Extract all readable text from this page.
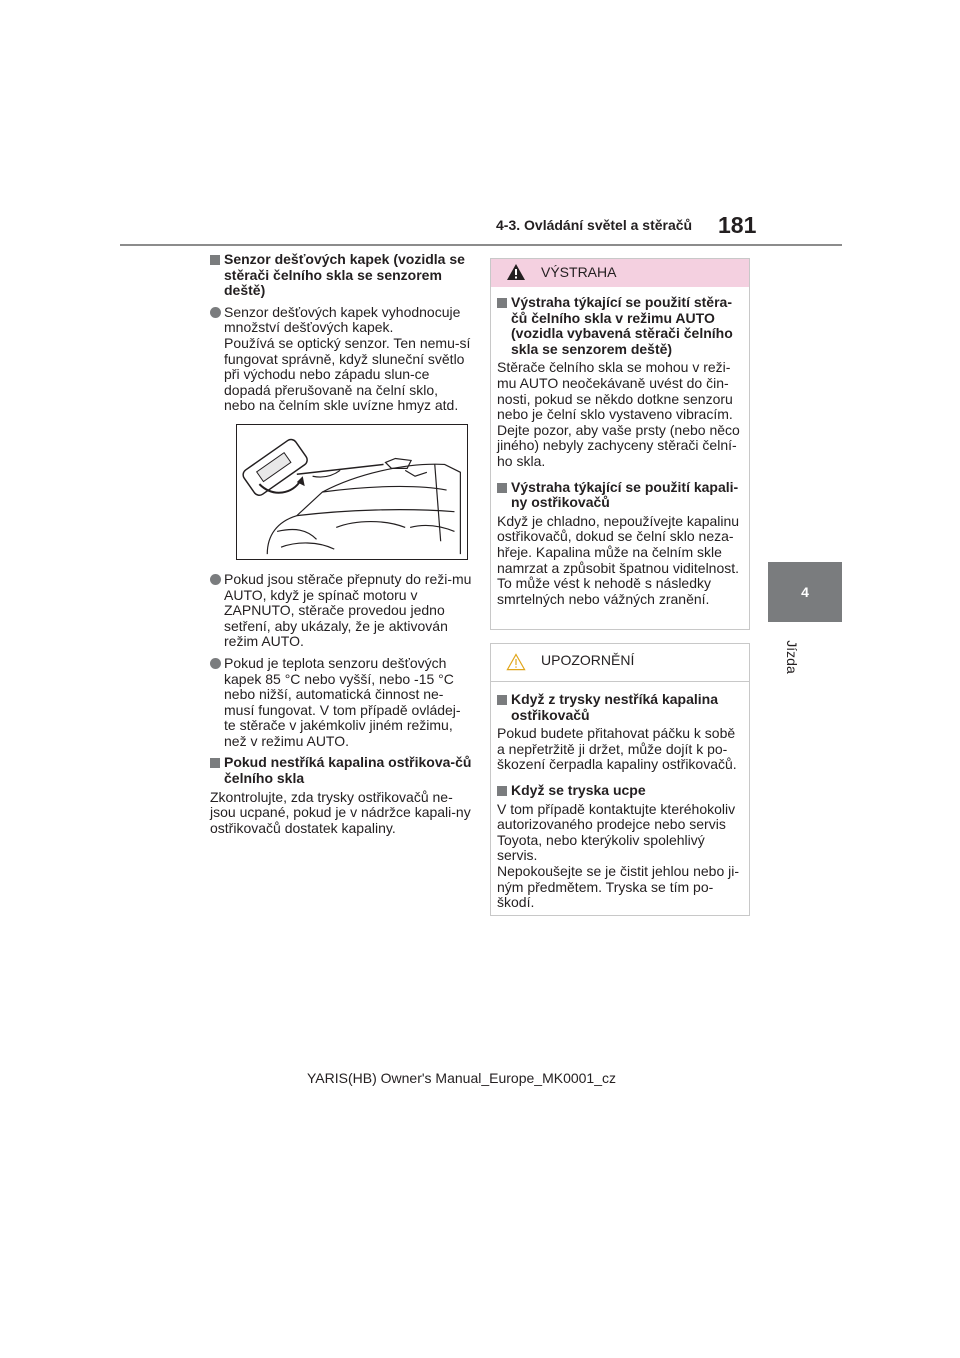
4-3. Ovládání světel a stěračů 181
4
Jízda
Senzor dešťových kapek (vozidla se stěrači čelního skla se senzorem deště)
Senzor dešťových kapek vyhodnocuje množství dešťových kapek.
Používá se optický senzor. Ten nemu-sí fungovat správně, když sluneční světlo při východu nebo západu slun-ce dopadá přerušovaně na čelní sklo, nebo na čelním skle uvízne hmyz atd.
Pokud jsou stěrače přepnuty do reži-mu AUTO, když je spínač motoru v ZAPNUTO, stěrače provedou jedno setření, aby ukázaly, že je aktivován režim AUTO.
Pokud je teplota senzoru dešťových kapek 85 °C nebo vyšší, nebo -15 °C nebo nižší, automatická činnost ne-musí fungovat. V tom případě ovládej-te stěrače v jakémkoliv jiném režimu, než v režimu AUTO.
Pokud nestříká kapalina ostřikova-čů čelního skla
Zkontrolujte, zda trysky ostřikovačů ne-jsou ucpané, pokud je v nádržce kapali-ny ostřikovačů dostatek kapaliny.
VÝSTRAHA
Výstraha týkající se použití stěra-čů čelního skla v režimu AUTO (vozidla vybavená stěrači čelního skla se senzorem deště)
Stěrače čelního skla se mohou v reži-mu AUTO neočekávaně uvést do čin-nosti, pokud se někdo dotkne senzoru nebo je čelní sklo vystaveno vibracím. Dejte pozor, aby vaše prsty (nebo něco jiného) nebyly zachyceny stěrači čelní-ho skla.
Výstraha týkající se použití kapali-ny ostřikovačů
Když je chladno, nepoužívejte kapalinu ostřikovačů, dokud se čelní sklo neza-hřeje. Kapalina může na čelním skle namrzat a způsobit špatnou viditelnost. To může vést k nehodě s následky smrtelných nebo vážných zranění.
UPOZORNĚNÍ
Když z trysky nestříká kapalina ostřikovačů
Pokud budete přitahovat páčku k sobě a nepřetržitě ji držet, může dojít k po-škození čerpadla kapaliny ostřikovačů.
Když se tryska ucpe
V tom případě kontaktujte kteréhokoliv autorizovaného prodejce nebo servis Toyota, nebo kterýkoliv spolehlivý servis.
Nepokoušejte se je čistit jehlou nebo ji-ným předmětem. Tryska se tím po-škodí.
YARIS(HB) Owner's Manual_Europe_MK0001_cz
